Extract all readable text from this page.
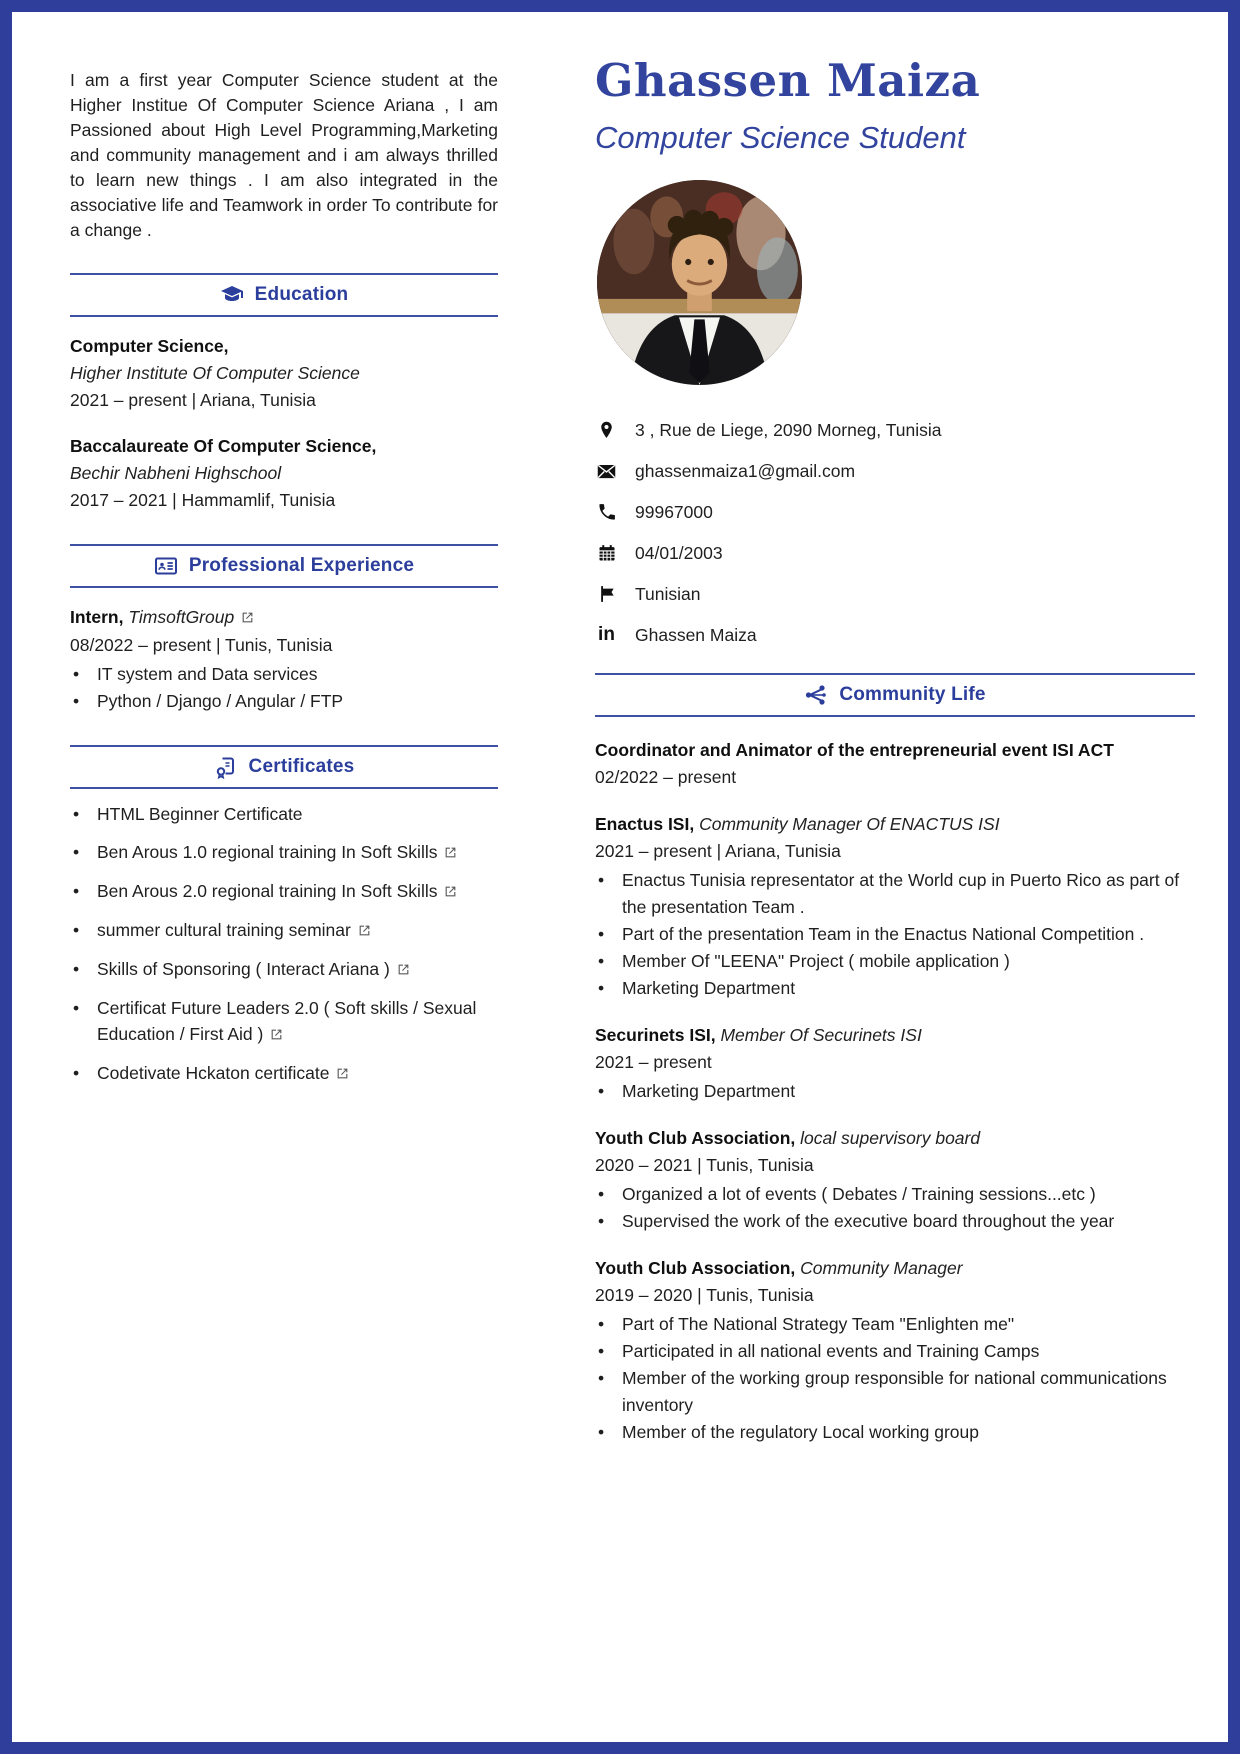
I am a first year Computer Science student at the Higher Institue Of Computer Science Ariana , I am Passioned about High Level Programming,Marketing and community management and i am always thrilled to learn new things . I am also integrated in the associative life and Teamwork in order To contribute for a change .

Education
Computer Science,
Higher Institute Of Computer Science
2021 – present | Ariana, Tunisia
Baccalaureate Of Computer Science,
Bechir Nabheni Highschool
2017 – 2021 | Hammamlif, Tunisia
Professional Experience
Intern, TimsoftGroup
08/2022 – present | Tunis, Tunisia
•	IT system and Data services
•	Python / Django / Angular / FTP
Certificates
•	HTML Beginner Certificate
•	Ben Arous 1.0 regional training In Soft Skills
•	Ben Arous 2.0 regional training In Soft Skills
•	summer cultural training seminar
•	Skills of Sponsoring ( Interact Ariana )
•	Certificat Future Leaders 2.0 ( Soft skills / Sexual Education / First Aid )
•	Codetivate Hckaton certificate
Ghassen Maiza
Computer Science Student
3 , Rue de Liege, 2090 Morneg, Tunisia
ghassenmaiza1@gmail.com
99967000
04/01/2003
Tunisian
in Ghassen Maiza
Community Life
Coordinator and Animator of the entrepreneurial event ISI ACT
02/2022 – present
Enactus ISI, Community Manager Of ENACTUS ISI
2021 – present | Ariana, Tunisia
•	Enactus Tunisia representator at the World cup in Puerto Rico as part of the presentation Team .
•	Part of the presentation Team in the Enactus National Competition .
•	Member Of "LEENA" Project ( mobile application )
•	Marketing Department
Securinets ISI, Member Of Securinets ISI
2021 – present
•	Marketing Department
Youth Club Association, local supervisory board
2020 – 2021 | Tunis, Tunisia
•	Organized a lot of events ( Debates / Training sessions...etc )
•	Supervised the work of the executive board throughout the year
Youth Club Association, Community Manager
2019 – 2020 | Tunis, Tunisia
•	Part of The National Strategy Team "Enlighten me"
•	Participated in all national events and Training Camps
•	Member of the working group responsible for national communications inventory
•	Member of the regulatory Local working group
